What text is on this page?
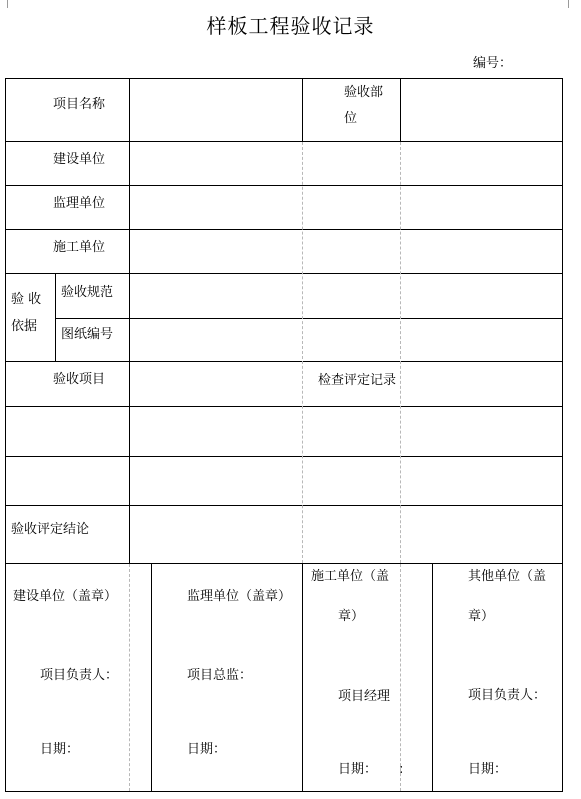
样板工程验收记录
编号：
项目名称
验收部
位
建设单位
监理单位
施工单位
验 收
依据
验收规范
图纸编号
验收项目	检查评定记录
验收评定结论
建设单位（盖章）
项目负责人：
日期：
监理单位（盖章）
项目总监：
日期：
施工单位（盖
章）
项目经理
日期： :
其他单位（盖
章）
项目负责人：
日期：
